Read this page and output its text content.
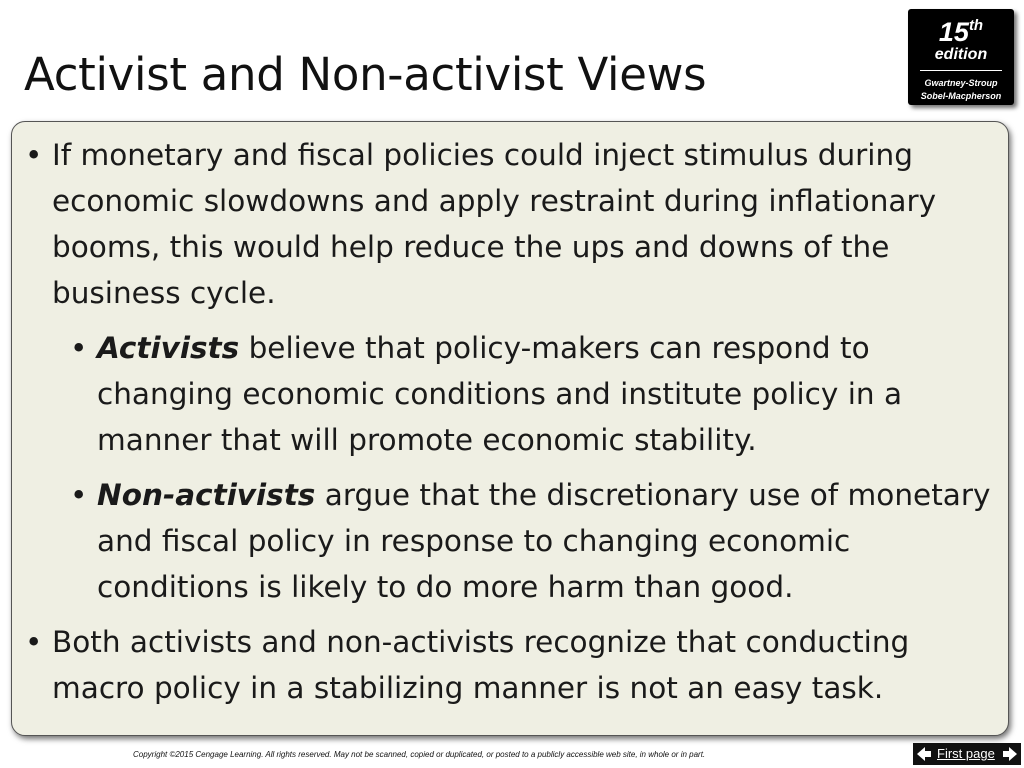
Activist and Non-activist Views
15th
edition
Gwartney-Stroup
Sobel-Macpherson
• If monetary and fiscal policies could inject stimulus during economic slowdowns and apply restraint during inflationary booms, this would help reduce the ups and downs of the business cycle.
• Activists believe that policy-makers can respond to changing economic conditions and institute policy in a manner that will promote economic stability.
• Non-activists argue that the discretionary use of monetary and fiscal policy in response to changing economic conditions is likely to do more harm than good.
• Both activists and non-activists recognize that conducting macro policy in a stabilizing manner is not an easy task.
Copyright ©2015 Cengage Learning. All rights reserved. May not be scanned, copied or duplicated, or posted to a publicly accessible web site, in whole or in part.	First page
